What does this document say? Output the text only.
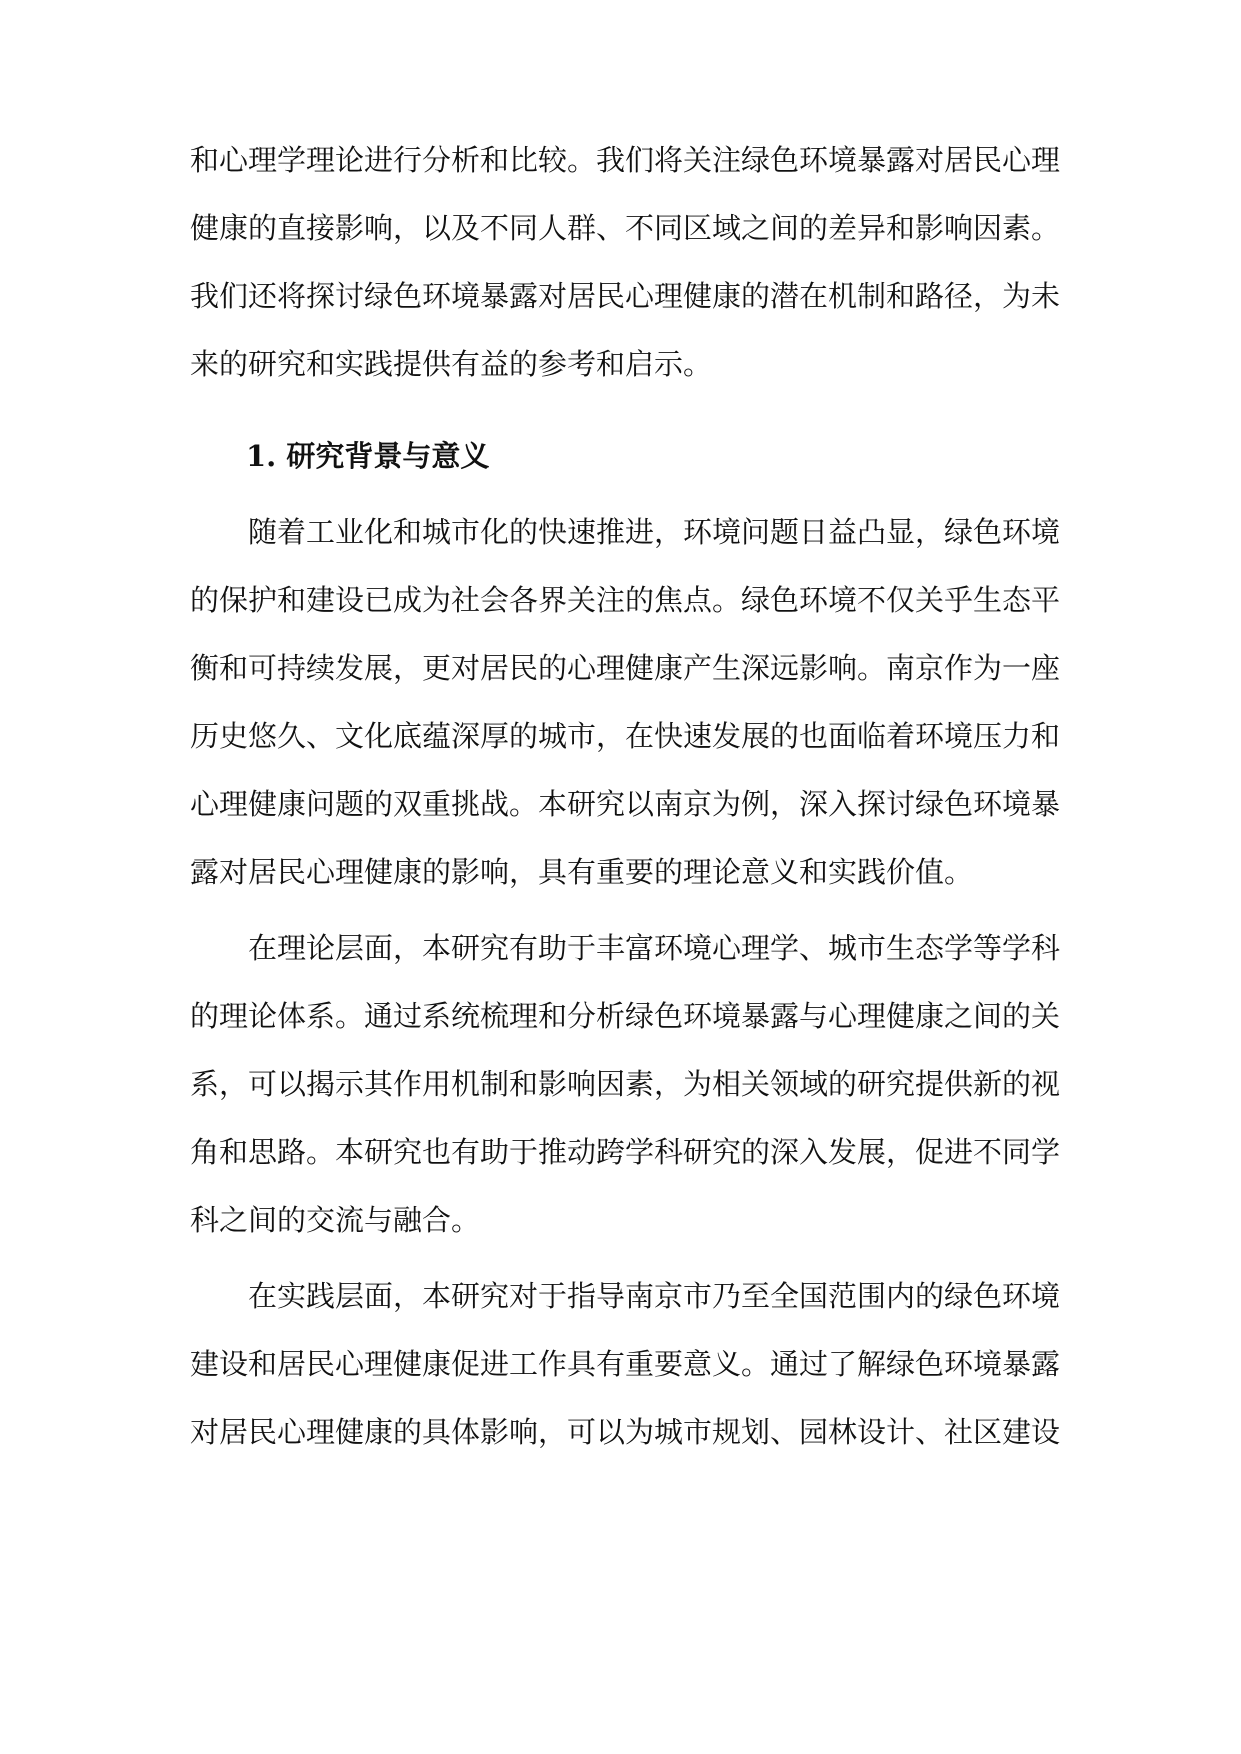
和心理学理论进行分析和比较。我们将关注绿色环境暴露对居民心理
健康的直接影响，以及不同人群、不同区域之间的差异和影响因素。
我们还将探讨绿色环境暴露对居民心理健康的潜在机制和路径，为未
来的研究和实践提供有益的参考和启示。
1. 研究背景与意义
随着工业化和城市化的快速推进，环境问题日益凸显，绿色环境
的保护和建设已成为社会各界关注的焦点。绿色环境不仅关乎生态平
衡和可持续发展，更对居民的心理健康产生深远影响。南京作为一座
历史悠久、文化底蕴深厚的城市，在快速发展的也面临着环境压力和
心理健康问题的双重挑战。本研究以南京为例，深入探讨绿色环境暴
露对居民心理健康的影响，具有重要的理论意义和实践价值。
在理论层面，本研究有助于丰富环境心理学、城市生态学等学科
的理论体系。通过系统梳理和分析绿色环境暴露与心理健康之间的关
系，可以揭示其作用机制和影响因素，为相关领域的研究提供新的视
角和思路。本研究也有助于推动跨学科研究的深入发展，促进不同学
科之间的交流与融合。
在实践层面，本研究对于指导南京市乃至全国范围内的绿色环境
建设和居民心理健康促进工作具有重要意义。通过了解绿色环境暴露
对居民心理健康的具体影响，可以为城市规划、园林设计、社区建设
